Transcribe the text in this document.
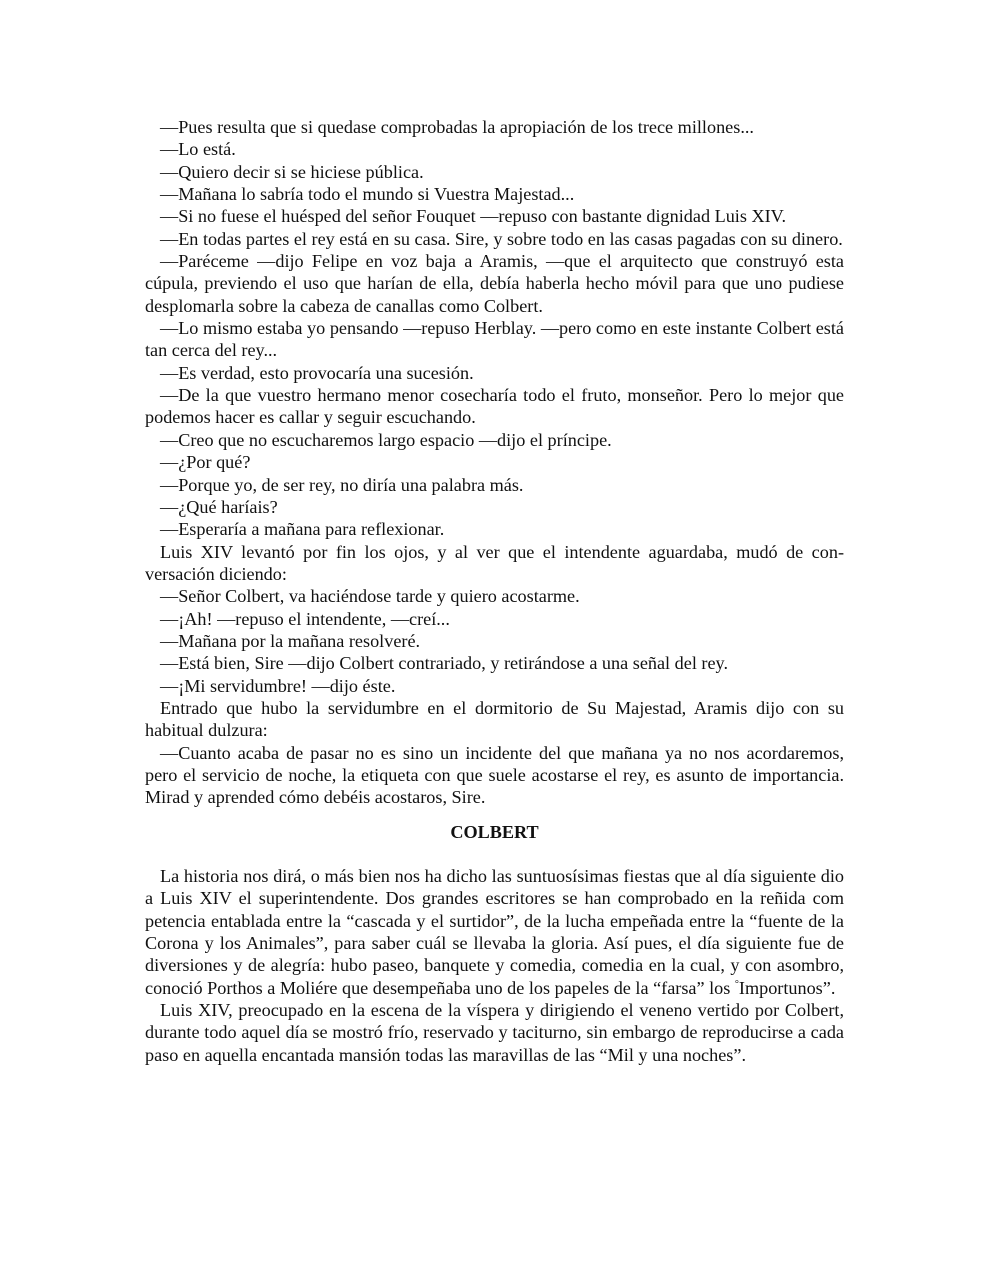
—Pues resulta que si quedase comprobadas la apropiación de los trece millones...

—Lo está.

—Quiero decir si se hiciese pública.

—Mañana lo sabría todo el mundo si Vuestra Majestad...

—Si no fuese el huésped del señor Fouquet —repuso con bastante dignidad Luis XIV.

—En todas partes el rey está en su casa. Sire, y sobre todo en las casas pagadas con su dinero.

—Paréceme —dijo Felipe en voz baja a Aramis, —que el arquitecto que construyó esta cúpula, previendo el uso que harían de ella, debía haberla hecho móvil para que uno pudiese desplomarla sobre la cabeza de canallas como Colbert.

—Lo mismo estaba yo pensando —repuso Herblay. —pero como en este instante Colbert está tan cerca del rey...

—Es verdad, esto provocaría una sucesión.

—De la que vuestro hermano menor cosecharía todo el fruto, monseñor. Pero lo mejor que podemos hacer es callar y seguir escuchando.

—Creo que no escucharemos largo espacio —dijo el príncipe.

—¿Por qué?

—Porque yo, de ser rey, no diría una palabra más.

—¿Qué haríais?

—Esperaría a mañana para reflexionar.

Luis XIV levantó por fin los ojos, y al ver que el intendente aguardaba, mudó de conversación diciendo:

—Señor Colbert, va haciéndose tarde y quiero acostarme.

—¡Ah! —repuso el intendente, —creí...

—Mañana por la mañana resolveré.

—Está bien, Sire —dijo Colbert contrariado, y retirándose a una señal del rey.

—¡Mi servidumbre! —dijo éste.

Entrado que hubo la servidumbre en el dormitorio de Su Majestad, Aramis dijo con su habitual dulzura:

—Cuanto acaba de pasar no es sino un incidente del que mañana ya no nos acordaremos, pero el servicio de noche, la etiqueta con que suele acostarse el rey, es asunto de importancia. Mirad y aprended cómo debéis acostaros, Sire.

COLBERT

La historia nos dirá, o más bien nos ha dicho las suntuosísimas fiestas que al día siguiente dio a Luis XIV el superintendente. Dos grandes escritores se han comprobado en la reñida com petencia entablada entre la “cascada y el surtidor”, de la lucha empeñada entre la “fuente de la Corona y los Animales”, para saber cuál se llevaba la gloria. Así pues, el día siguiente fue de diversiones y de alegría: hubo paseo, banquete y comedia, comedia en la cual, y con asombro, conoció Porthos a Moliére que desempeñaba uno de los papeles de la “farsa” los °Importunos”.

Luis XIV, preocupado en la escena de la víspera y dirigiendo el veneno vertido por Colbert, durante todo aquel día se mostró frío, reservado y taciturno, sin embargo de reproducirse a cada paso en aquella encantada mansión todas las maravillas de las “Mil y una noches”.
